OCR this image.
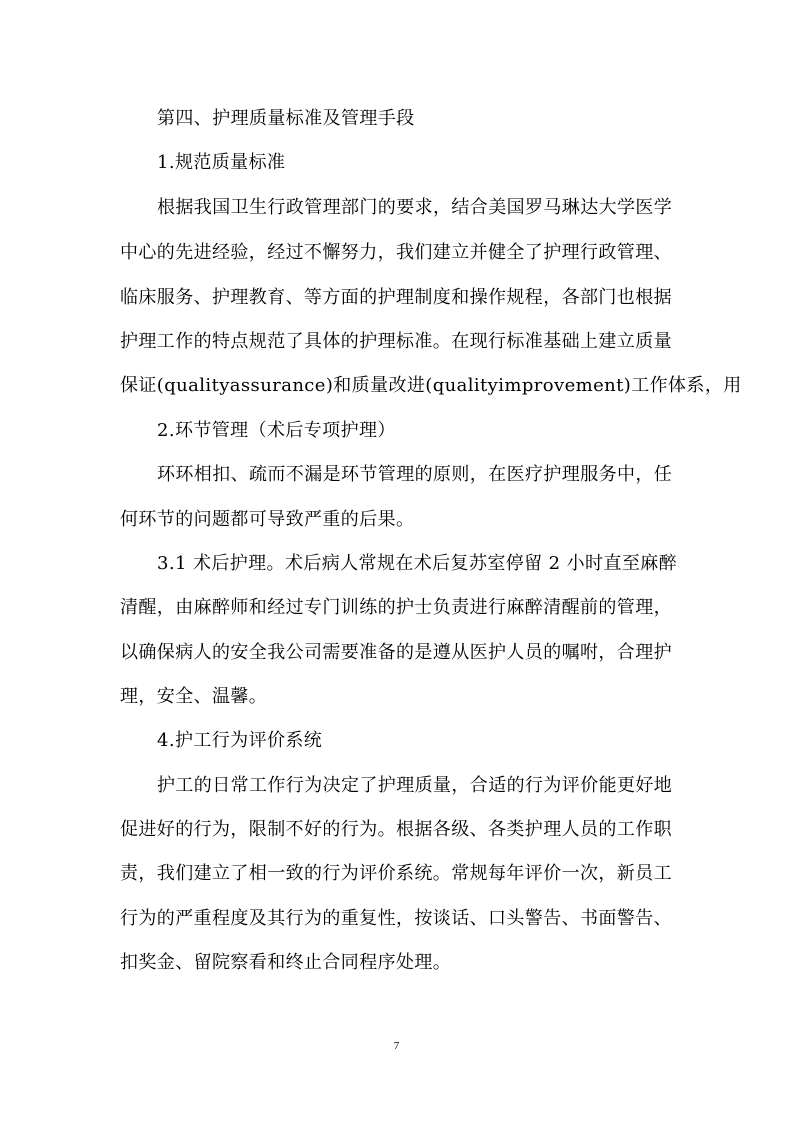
第四、护理质量标准及管理手段
1.规范质量标准
根据我国卫生行政管理部门的要求，结合美国罗马琳达大学医学
中心的先进经验，经过不懈努力，我们建立并健全了护理行政管理、
临床服务、护理教育、等方面的护理制度和操作规程，各部门也根据
护理工作的特点规范了具体的护理标准。在现行标准基础上建立质量
保证(qualityassurance)和质量改进(qualityimprovement)工作体系，用
2.环节管理（术后专项护理）
环环相扣、疏而不漏是环节管理的原则，在医疗护理服务中，任
何环节的问题都可导致严重的后果。
3.1 术后护理。术后病人常规在术后复苏室停留 2 小时直至麻醉
清醒，由麻醉师和经过专门训练的护士负责进行麻醉清醒前的管理，
以确保病人的安全我公司需要准备的是遵从医护人员的嘱咐，合理护
理，安全、温馨。
4.护工行为评价系统
护工的日常工作行为决定了护理质量，合适的行为评价能更好地
促进好的行为，限制不好的行为。根据各级、各类护理人员的工作职
责，我们建立了相一致的行为评价系统。常规每年评价一次，新员工
行为的严重程度及其行为的重复性，按谈话、口头警告、书面警告、
扣奖金、留院察看和终止合同程序处理。
7
